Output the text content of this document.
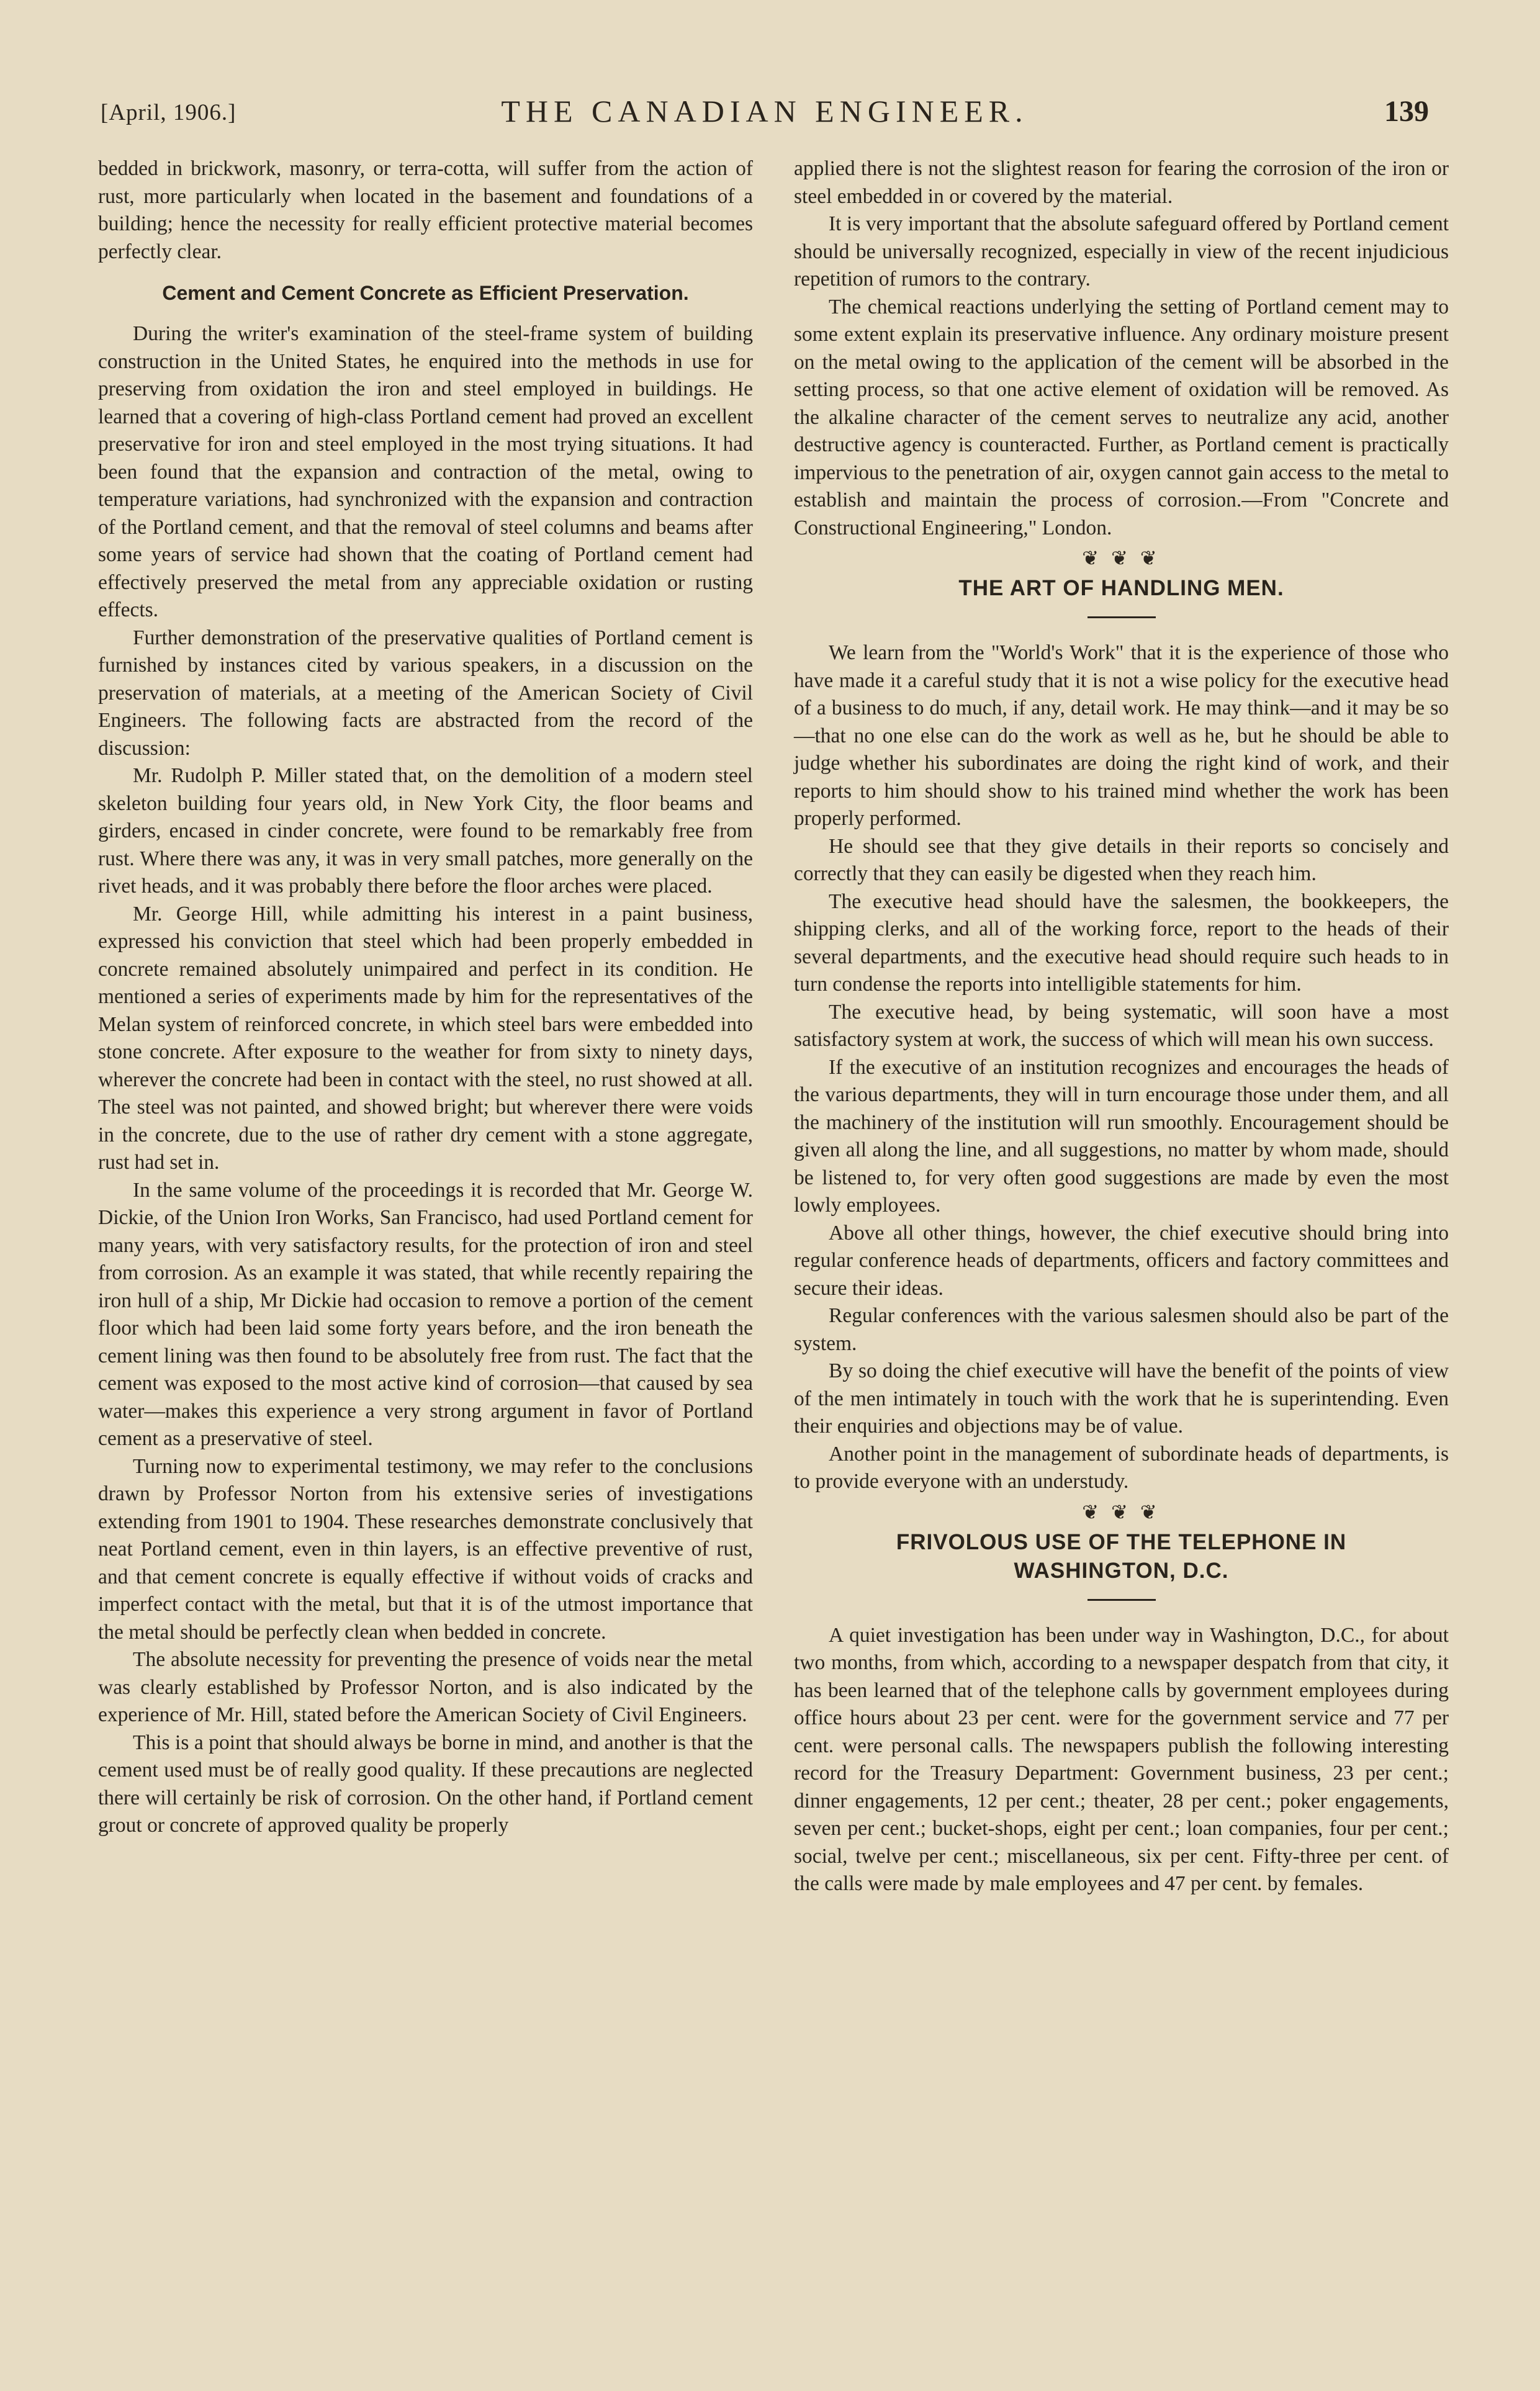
[April, 1906.]	THE CANADIAN ENGINEER.	139

bedded in brickwork, masonry, or terra-cotta, will suffer from the action of rust, more particularly when located in the basement and foundations of a building; hence the necessity for really efficient protective material becomes perfectly clear.

Cement and Cement Concrete as Efficient Preservation.

During the writer's examination of the steel-frame system of building construction in the United States, he enquired into the methods in use for preserving from oxidation the iron and steel employed in buildings. He learned that a covering of high-class Portland cement had proved an excellent preservative for iron and steel employed in the most trying situations. It had been found that the expansion and contraction of the metal, owing to temperature variations, had synchronized with the expansion and contraction of the Portland cement, and that the removal of steel columns and beams after some years of service had shown that the coating of Portland cement had effectively preserved the metal from any appreciable oxidation or rusting effects.

Further demonstration of the preservative qualities of Portland cement is furnished by instances cited by various speakers, in a discussion on the preservation of materials, at a meeting of the American Society of Civil Engineers. The following facts are abstracted from the record of the discussion:

Mr. Rudolph P. Miller stated that, on the demolition of a modern steel skeleton building four years old, in New York City, the floor beams and girders, encased in cinder concrete, were found to be remarkably free from rust. Where there was any, it was in very small patches, more generally on the rivet heads, and it was probably there before the floor arches were placed.

Mr. George Hill, while admitting his interest in a paint business, expressed his conviction that steel which had been properly embedded in concrete remained absolutely unimpaired and perfect in its condition. He mentioned a series of experiments made by him for the representatives of the Melan system of reinforced concrete, in which steel bars were embedded into stone concrete. After exposure to the weather for from sixty to ninety days, wherever the concrete had been in contact with the steel, no rust showed at all. The steel was not painted, and showed bright; but wherever there were voids in the concrete, due to the use of rather dry cement with a stone aggregate, rust had set in.

In the same volume of the proceedings it is recorded that Mr. George W. Dickie, of the Union Iron Works, San Francisco, had used Portland cement for many years, with very satisfactory results, for the protection of iron and steel from corrosion. As an example it was stated, that while recently repairing the iron hull of a ship, Mr Dickie had occasion to remove a portion of the cement floor which had been laid some forty years before, and the iron beneath the cement lining was then found to be absolutely free from rust. The fact that the cement was exposed to the most active kind of corrosion—that caused by sea water—makes this experience a very strong argument in favor of Portland cement as a preservative of steel.

Turning now to experimental testimony, we may refer to the conclusions drawn by Professor Norton from his extensive series of investigations extending from 1901 to 1904. These researches demonstrate conclusively that neat Portland cement, even in thin layers, is an effective preventive of rust, and that cement concrete is equally effective if without voids of cracks and imperfect contact with the metal, but that it is of the utmost importance that the metal should be perfectly clean when bedded in concrete.

The absolute necessity for preventing the presence of voids near the metal was clearly established by Professor Norton, and is also indicated by the experience of Mr. Hill, stated before the American Society of Civil Engineers.

This is a point that should always be borne in mind, and another is that the cement used must be of really good quality. If these precautions are neglected there will certainly be risk of corrosion. On the other hand, if Portland cement grout or concrete of approved quality be properly

applied there is not the slightest reason for fearing the corrosion of the iron or steel embedded in or covered by the material.

It is very important that the absolute safeguard offered by Portland cement should be universally recognized, especially in view of the recent injudicious repetition of rumors to the contrary.

The chemical reactions underlying the setting of Portland cement may to some extent explain its preservative influence. Any ordinary moisture present on the metal owing to the application of the cement will be absorbed in the setting process, so that one active element of oxidation will be removed. As the alkaline character of the cement serves to neutralize any acid, another destructive agency is counteracted. Further, as Portland cement is practically impervious to the penetration of air, oxygen cannot gain access to the metal to establish and maintain the process of corrosion.—From "Concrete and Constructional Engineering," London.

❦ ❦ ❦
THE ART OF HANDLING MEN.

We learn from the "World's Work" that it is the experience of those who have made it a careful study that it is not a wise policy for the executive head of a business to do much, if any, detail work. He may think—and it may be so—that no one else can do the work as well as he, but he should be able to judge whether his subordinates are doing the right kind of work, and their reports to him should show to his trained mind whether the work has been properly performed.

He should see that they give details in their reports so concisely and correctly that they can easily be digested when they reach him.

The executive head should have the salesmen, the bookkeepers, the shipping clerks, and all of the working force, report to the heads of their several departments, and the executive head should require such heads to in turn condense the reports into intelligible statements for him.

The executive head, by being systematic, will soon have a most satisfactory system at work, the success of which will mean his own success.

If the executive of an institution recognizes and encourages the heads of the various departments, they will in turn encourage those under them, and all the machinery of the institution will run smoothly. Encouragement should be given all along the line, and all suggestions, no matter by whom made, should be listened to, for very often good suggestions are made by even the most lowly employees.

Above all other things, however, the chief executive should bring into regular conference heads of departments, officers and factory committees and secure their ideas.

Regular conferences with the various salesmen should also be part of the system.

By so doing the chief executive will have the benefit of the points of view of the men intimately in touch with the work that he is superintending. Even their enquiries and objections may be of value.

Another point in the management of subordinate heads of departments, is to provide everyone with an understudy.

❦ ❦ ❦
FRIVOLOUS USE OF THE TELEPHONE IN
WASHINGTON, D.C.

A quiet investigation has been under way in Washington, D.C., for about two months, from which, according to a newspaper despatch from that city, it has been learned that of the telephone calls by government employees during office hours about 23 per cent. were for the government service and 77 per cent. were personal calls. The newspapers publish the following interesting record for the Treasury Department: Government business, 23 per cent.; dinner engagements, 12 per cent.; theater, 28 per cent.; poker engagements, seven per cent.; bucket-shops, eight per cent.; loan companies, four per cent.; social, twelve per cent.; miscellaneous, six per cent. Fifty-three per cent. of the calls were made by male employees and 47 per cent. by females.
